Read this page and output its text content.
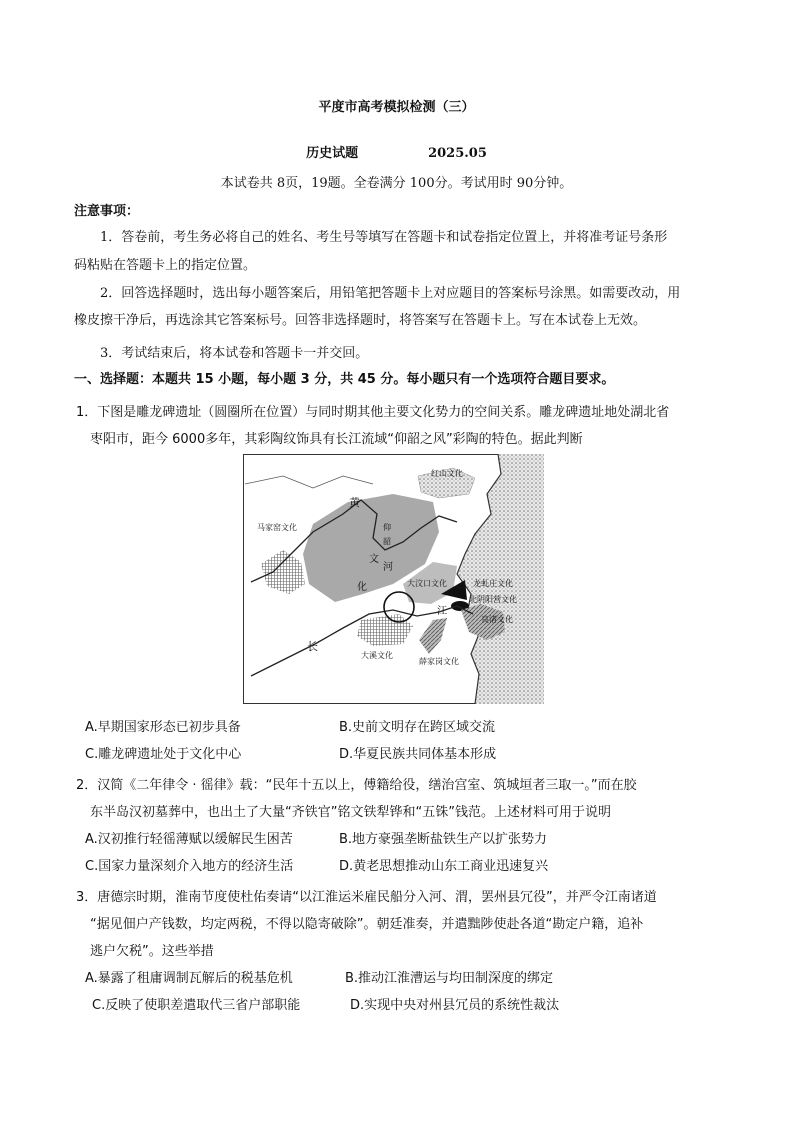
平度市高考模拟检测（三）
历史试题	2025.05
本试卷共 8页，19题。全卷满分 100分。考试用时 90分钟。
注意事项：
1．答卷前，考生务必将自己的姓名、考生号等填写在答题卡和试卷指定位置上，并将准考证号条形
码粘贴在答题卡上的指定位置。
2．回答选择题时，选出每小题答案后，用铅笔把答题卡上对应题目的答案标号涂黑。如需要改动，用
橡皮擦干净后，再选涂其它答案标号。回答非选择题时，将答案写在答题卡上。写在本试卷上无效。
3．考试结束后，将本试卷和答题卡一并交回。
一、选择题：本题共 15 小题，每小题 3 分，共 45 分。每小题只有一个选项符合题目要求。
1．下图是雕龙碑遗址（圆圈所在位置）与同时期其他主要文化势力的空间关系。雕龙碑遗址地处湖北省
枣阳市，距今 6000多年，其彩陶纹饰具有长江流域“仰韶之风”彩陶的特色。据此判断
红山文化
马家窑文化
黄
仰
韶
文
化
河
大汶口文化	龙虬庄文化
北阴阳营文化
良渚文化
江
长
大溪文化
薛家岗文化
A.早期国家形态已初步具备	B.史前文明存在跨区域交流
C.雕龙碑遗址处于文化中心	D.华夏民族共同体基本形成
2．汉简《二年律令 · 徭律》载：“民年十五以上，傅籍给役，缮治宫室、筑城垣者三取一。”而在胶
东半岛汉初墓葬中，也出土了大量“齐铁官”铭文铁犁铧和“五铢”钱范。上述材料可用于说明
A.汉初推行轻徭薄赋以缓解民生困苦	B.地方豪强垄断盐铁生产以扩张势力
C.国家力量深刻介入地方的经济生活	D.黄老思想推动山东工商业迅速复兴
3．唐德宗时期，淮南节度使杜佑奏请“以江淮运米雇民船分入河、渭，罢州县冗役”，并严令江南诸道
“据见佃户产钱数，均定两税，不得以隐寄破除”。朝廷准奏，并遣黜陟使赴各道“勘定户籍，追补
逃户欠税”。这些举措
A.暴露了租庸调制瓦解后的税基危机	B.推动江淮漕运与均田制深度的绑定
C.反映了使职差遣取代三省户部职能	D.实现中央对州县冗员的系统性裁汰
